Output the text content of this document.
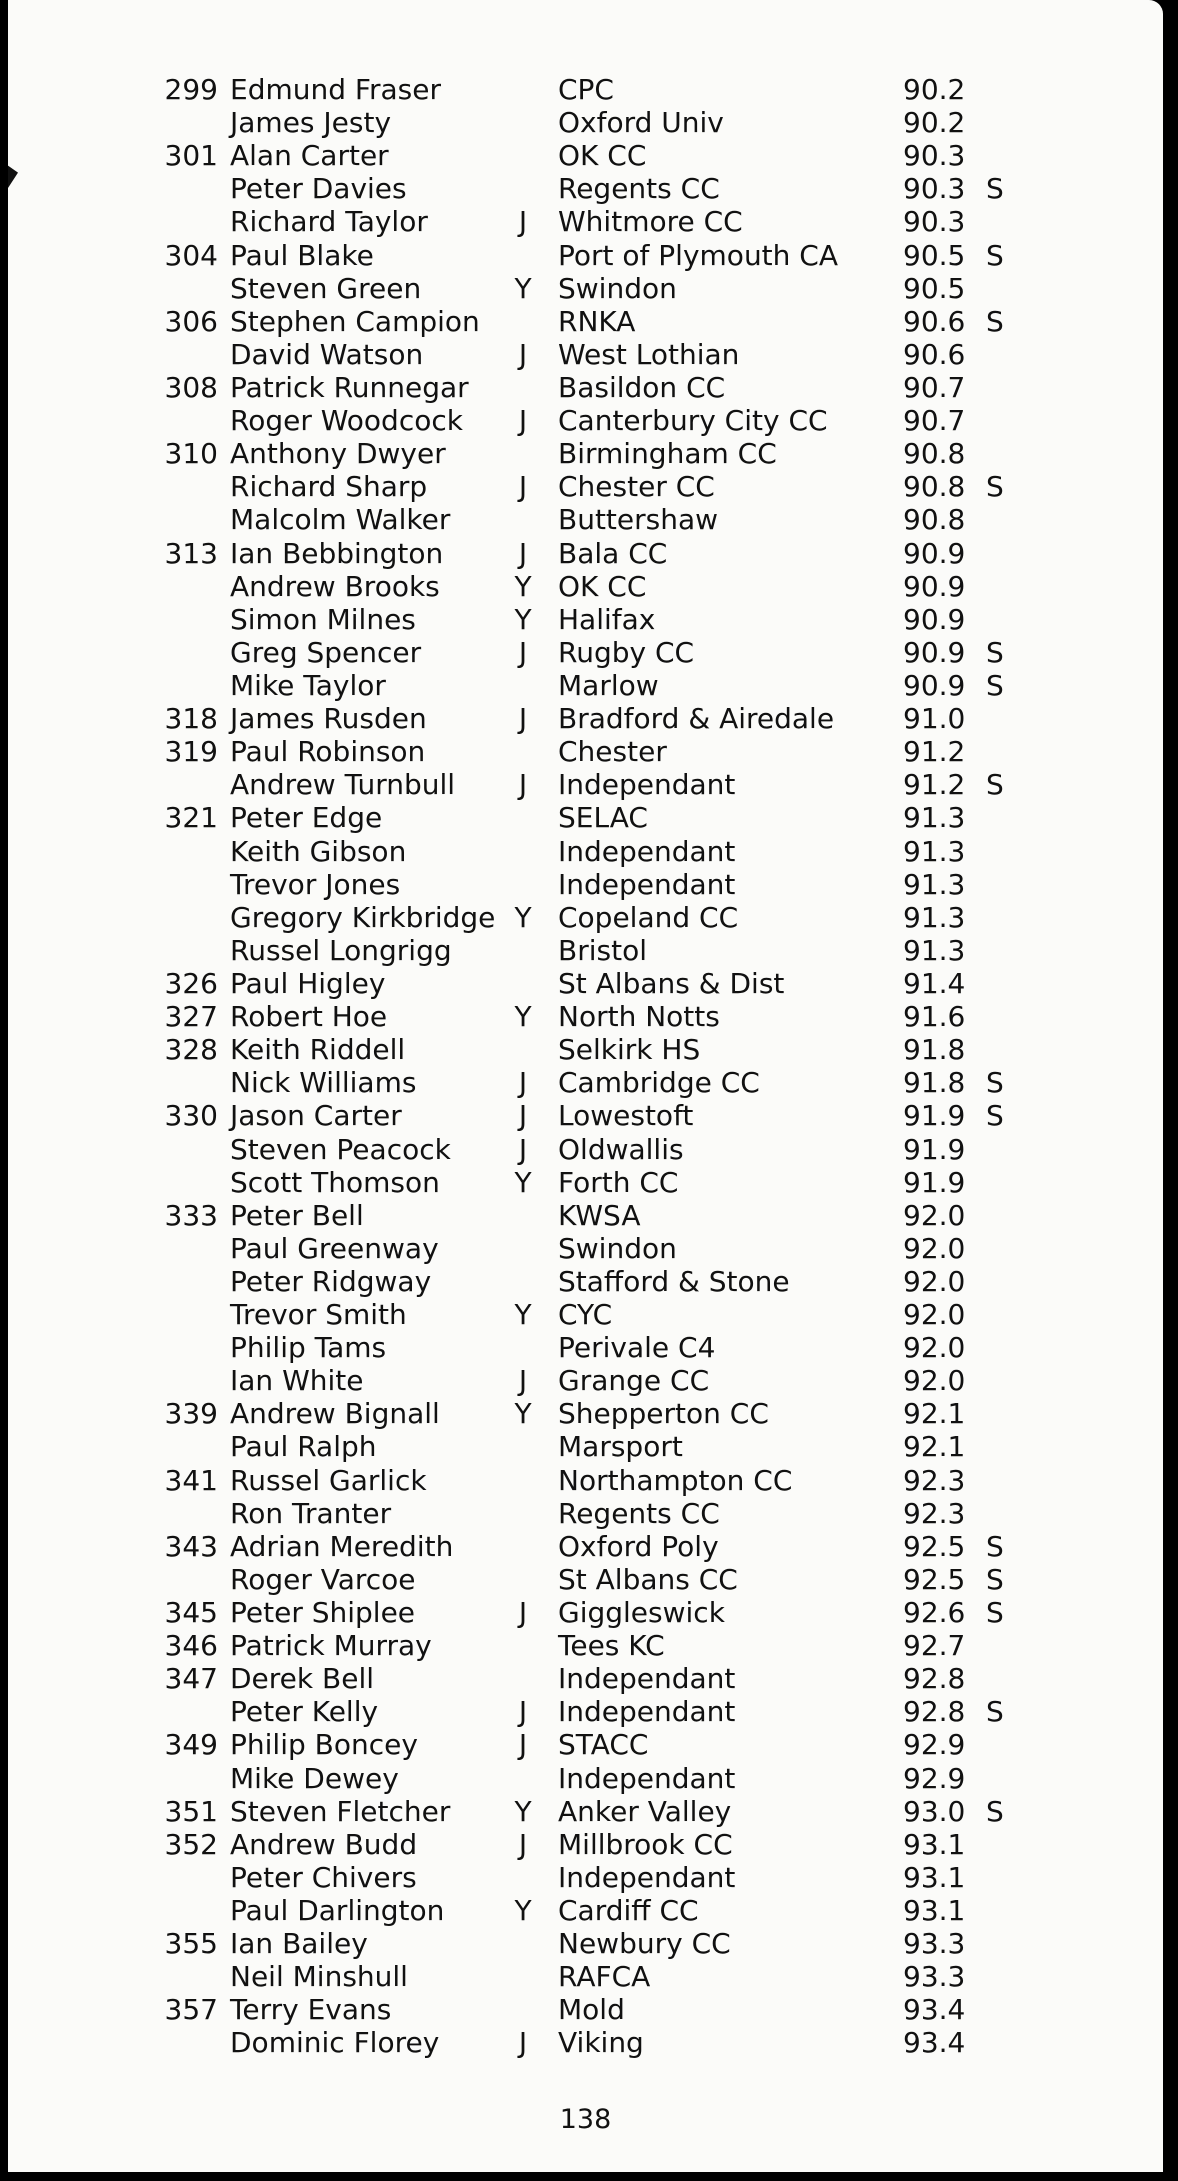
299 Edmund Fraser	CPC	90.2
James Jesty	Oxford Univ	90.2
301 Alan Carter	OK CC	90.3
Peter Davies	Regents CC	90.3 S
Richard Taylor	J	Whitmore CC	90.3
304 Paul Blake	Port of Plymouth CA 90.5 S
Steven Green	Y Swindon	90.5
306 Stephen Campion	RNKA	90.6 S
David Watson	J	West Lothian	90.6
308 Patrick Runnegar	Basildon CC	90.7
Roger Woodcock	J	Canterbury City CC	90.7
310 Anthony Dwyer	Birmingham CC	90.8
Richard Sharp	J	Chester CC	90.8 S
Malcolm Walker	Buttershaw	90.8
313 Ian Bebbington	J	Bala CC	90.9
Andrew Brooks	Y OK CC	90.9
Simon Milnes	Y Halifax	90.9
Greg Spencer	J	Rugby CC	90.9 S
Mike Taylor	Marlow	90.9 S
318 James Rusden	J	Bradford & Airedale 91.0
319 Paul Robinson	Chester	91.2
Andrew Turnbull	J	Independant	91.2 S
321 Peter Edge	SELAC	91.3
Keith Gibson	Independant	91.3
Trevor Jones	Independant	91.3
Gregory Kirkbridge Y Copeland CC	91.3
Russel Longrigg	Bristol	91.3
326 Paul Higley	St Albans & Dist	91.4
327 Robert Hoe	Y North Notts	91.6
328 Keith Riddell	Selkirk HS	91.8
Nick Williams	J	Cambridge CC	91.8 S
330 Jason Carter	J	Lowestoft	91.9 S
Steven Peacock	J	Oldwallis	91.9
Scott Thomson	Y Forth CC	91.9
333 Peter Bell	KWSA	92.0
Paul Greenway	Swindon	92.0
Peter Ridgway	Stafford & Stone	92.0
Trevor Smith	Y CYC	92.0
Philip Tams	Perivale C4	92.0
Ian White	J	Grange CC	92.0
339 Andrew Bignall	Y Shepperton CC	92.1
Paul Ralph	Marsport	92.1
341 Russel Garlick	Northampton CC	92.3
Ron Tranter	Regents CC	92.3
343 Adrian Meredith	Oxford Poly	92.5 S
Roger Varcoe	St Albans CC	92.5 S
345 Peter Shiplee	J	Giggleswick	92.6 S
346 Patrick Murray	Tees KC	92.7
347 Derek Bell	Independant	92.8
Peter Kelly	J	Independant	92.8 S
349 Philip Boncey	J	STACC	92.9
Mike Dewey	Independant	92.9
351 Steven Fletcher Y Anker Valley	93.0 S
352 Andrew Budd	J	Millbrook CC	93.1
Peter Chivers	Independant	93.1
Paul Darlington	Y Cardiff CC	93.1
355 Ian Bailey	Newbury CC	93.3
Neil Minshull	RAFCA	93.3
357 Terry Evans	Mold	93.4
Dominic Florey	J	Viking	93.4
138
